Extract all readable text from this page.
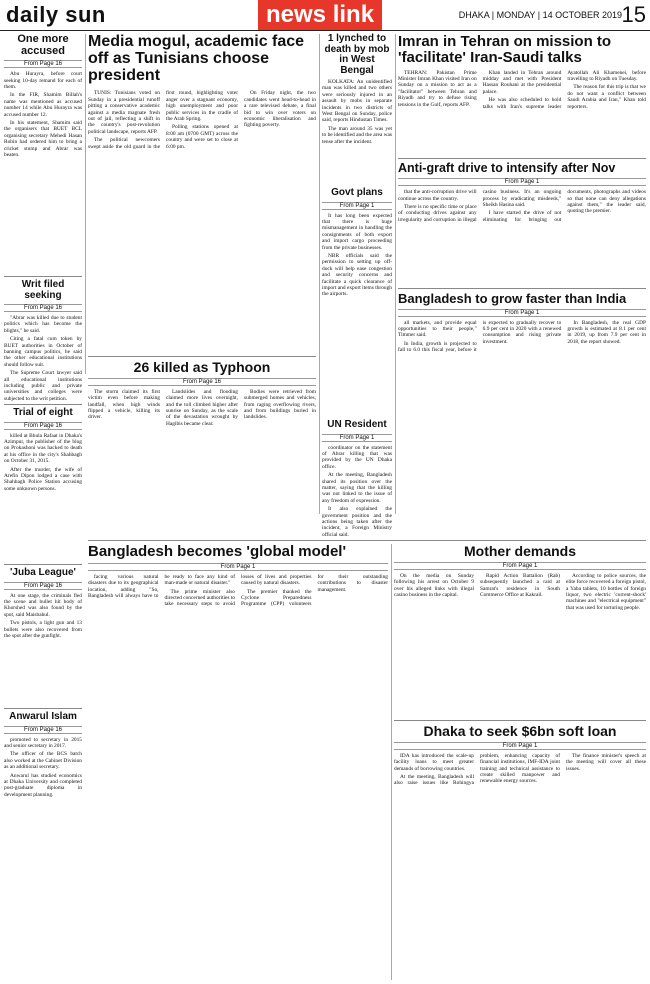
daily sun	news link	DHAKA | MONDAY | 14 OCTOBER 2019 15
One more accused
From Page 16

Abu Hurayra, before court seeking 10-day remand for each of them.

In the FIR, Shamim Billah's name was mentioned as accused number 14 while Abu Hurayra was accused number 12.

In his statement, Shamim said the organisers that BUET BCL organising secretary Mehedi Hasan Robin had ordered him to bring a cricket stump and Abrar was beaten.

Media mogul, academic face off as Tunisians choose president

TUNIS: Tunisians voted on Sunday in a presidential runoff pitting a conservative academic against a media magnate fresh out of jail, reflecting a shift in the country's post-revolution political landscape, reports AFP.

The political newcomers swept aside the old guard in the first round, highlighting voter anger over a stagnant economy, high unemployment and poor public services in the cradle of the Arab Spring.

Polling stations opened at 8:00 am (0700 GMT) across the country and were set to close at 6:00 pm.

On Friday night, the two candidates went head-to-head in a rare televised debate, a final bid to win over voters on economic liberalisation and fighting poverty.

1 lynched to death by mob in West Bengal

KOLKATA: An unidentified man was killed and two others were seriously injured in an assault by mobs in separate incidents in two districts of West Bengal on Sunday, police said, reports Hindustan Times.

The man around 35 was yet to be identified and the area was tense after the incident.

Govt plans
From Page 1

It has long been expected that there is huge mismanagement in handling the consignments of both export and import cargo proceeding from the private businesses.

NBR officials said the permission to setting up off-dock will help ease congestion and security concerns and facilitate a quick clearance of import and export items through the airports.

UN Resident
From Page 1

coordinator on the statement of Abrar killing that was provided by the UN Dhaka office.

At the meeting, Bangladesh shared its position over the matter, saying that the killing was not linked to the issue of any freedom of expression.

It also explained the government position and the actions being taken after the incident, a Foreign Ministry official said.

Imran in Tehran on mission to 'facilitate' Iran-Saudi talks

TEHRAN: Pakistan Prime Minister Imran Khan visited Iran on Sunday on a mission to act as a "facilitator" between Tehran and Riyadh and try to defuse rising tensions in the Gulf, reports AFP.

Khan landed in Tehran around midday and met with President Hassan Rouhani at the presidential palace.

He was also scheduled to hold talks with Iran's supreme leader Ayatollah Ali Khamenei, before travelling to Riyadh on Tuesday.

The reason for this trip is that we do not want a conflict between Saudi Arabia and Iran," Khan told reporters.

Anti-graft drive to intensify after Nov
From Page 1

that the anti-corruption drive will continue across the country.

There is no specific time or place of conducting drives against any irregularity and corruption in illegal casino business. It's an ongoing process by eradicating misdeeds," Sheikh Hasina said.

I have started the drive of not eliminating for bringing out documents, photographs and videos so that none can deny allegations against them," the leader said, quoting the premier.

26 killed as Typhoon
From Page 16

The storm claimed its first victim even before making landfall, when high winds flipped a vehicle, killing its driver.

Landslides and flooding claimed more lives overnight, and the toll climbed higher after sunrise on Sunday, as the scale of the devastation wrought by Hagibis became clear.

Bodies were retrieved from submerged homes and vehicles, from raging overflowing rivers, and from buildings buried in landslides.

Bangladesh to grow faster than India
From Page 1

all markets, and provide equal opportunities to their people," Timmer said.

In India, growth is projected to fall to 6.0 this fiscal year, before it is expected to gradually recover to 6.9 per cent in 2020 with a renewed consumption and rising private investment.

In Bangladesh, the real GDP growth is estimated at 8.1 per cent in 2019, up from 7.9 per cent in 2018, the report showed.

Writ filed seeking
From Page 16

"Abrar was killed due to student politics which has become the blights," he said.

Citing a fatal cum token by BUET authorities in October of banning campus politics, he said the other educational institutions should follow suit.

The Supreme Court lawyer said all educational institutions including public and private universities and colleges were subjected to the writ petition.

Trial of eight
From Page 16

killed at Bhula Rafaat in Dhaka's Azimpur, the publisher of the blog on Prokashoni was hacked to death at his office in the city's Shahbagh on October 31, 2015.

After the murder, the wife of Arefin Dipon lodged a case with Shahbagh Police Station accusing some unknown persons.

'Juba League'
From Page 16

At one stage, the criminals fled the scene and bullet hit body of Khorshed was also found by the spot, said Maisbahul.

Two pistols, a light gun and 13 bullets were also recovered from the spot after the gunfight.

Anwarul Islam
From Page 16

promoted to secretary in 2015 and senior secretary in 2017.

The officer of the BCS batch also worked at the Cabinet Division as an additional secretary.

Anwarul has studied economics at Dhaka University and completed post-graduate diploma in development planning.

Bangladesh becomes 'global model'
From Page 1

facing various natural disasters due to its geographical location, adding "So, Bangladesh will always have to be ready to face any kind of man-made or natural disaster."

The prime minister also directed concerned authorities to take necessary steps to avoid losses of lives and properties caused by natural disasters.

The premier thanked the Cyclone Preparedness Programme (CPP) volunteers for their outstanding contributions to disaster management.

Mother demands
From Page 1

On the media on Sunday following his arrest on October 9 over his alleged links with illegal casino business in the capital.

Rapid Action Battalion (Rab) subsequently launched a raid at Samrat's residence in South Commerce Office at Kakrail.

According to police sources, the elite force recovered a foreign pistol, a Yaba tablets, 10 bottles of foreign liquor, two electric 'current-shock' machines and "electrical equipment" that was used for torturing people.

Dhaka to seek $6bn soft loan
From Page 1

IDA has introduced the scale-up facility loans to meet greater demands of borrowing countries.

At the meeting, Bangladesh will also raise issues like Rohingya problem, enhancing capacity of financial institutions, IMF-IDA joint training and technical assistance to create skilled manpower and renewable energy sources.

The finance minister's speech at the meeting will cover all these issues.
